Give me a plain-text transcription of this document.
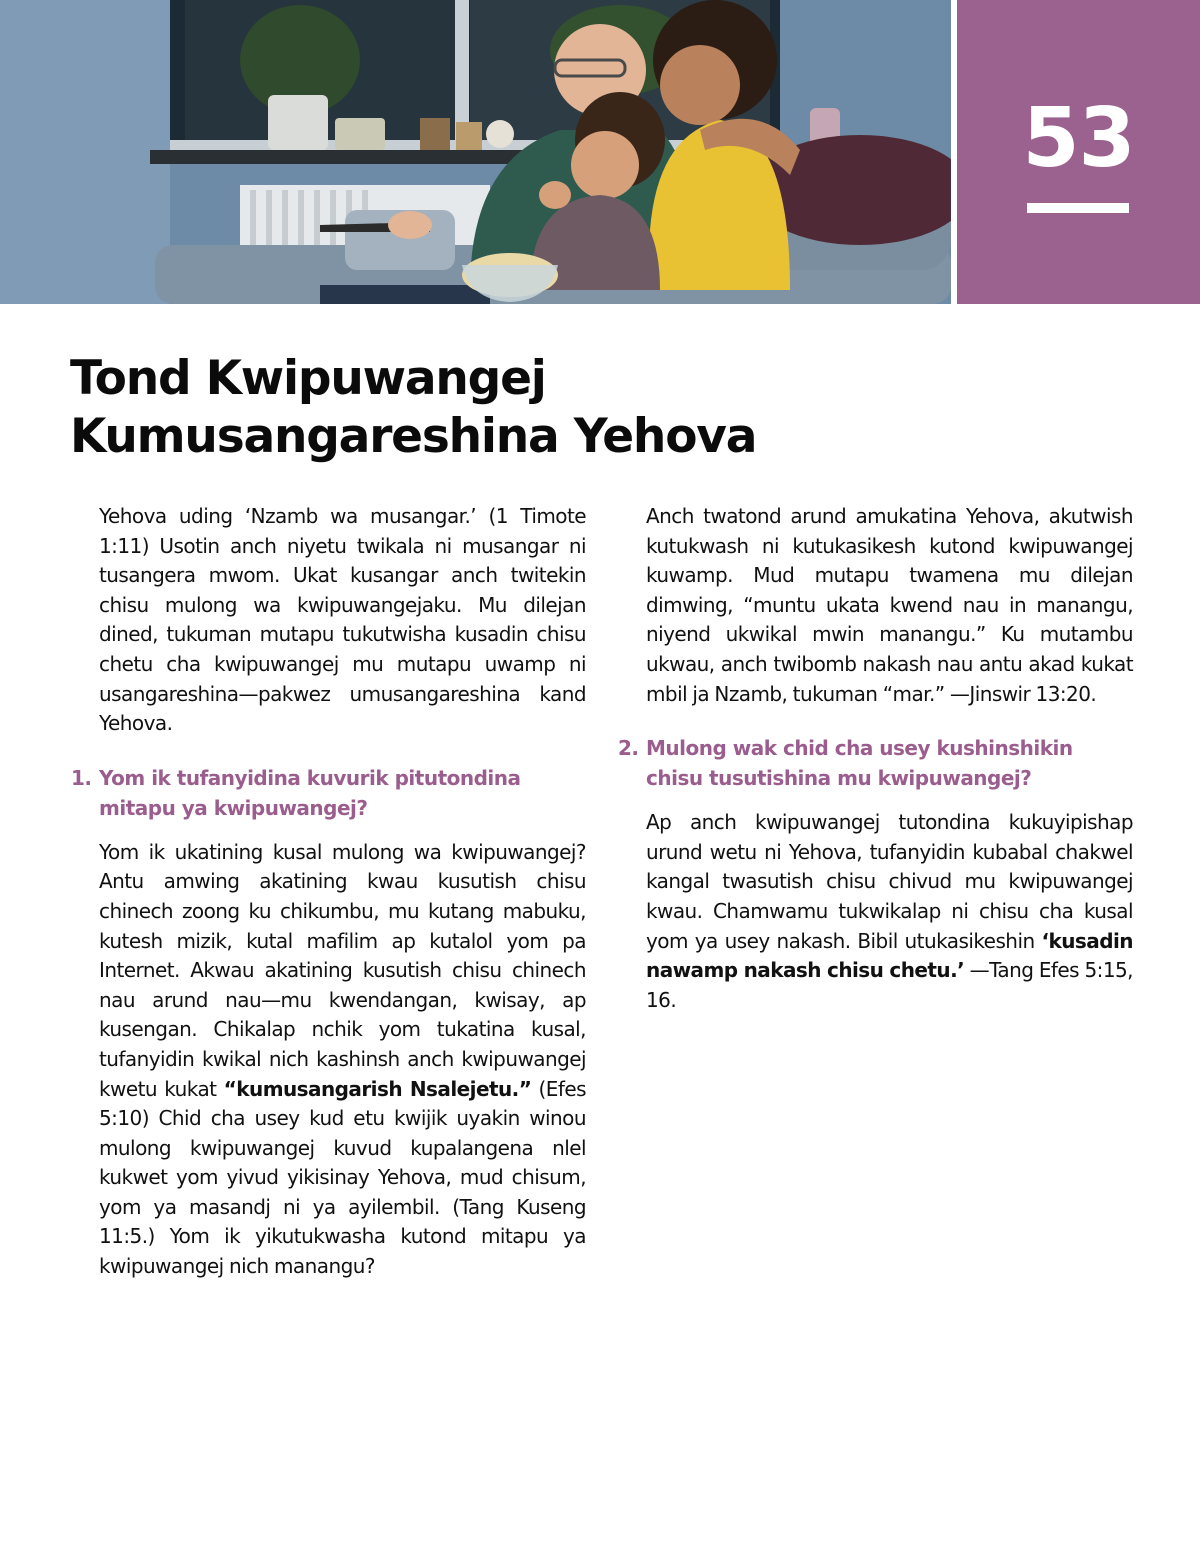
53
Tond Kwipuwangej
Kumusangareshina Yehova

Yehova uding ‘Nzamb wa musangar.’ (1 Timote 1:11) Usotin anch niyetu twikala ni musangar ni tusangera mwom. Ukat kusangar anch twitekin chisu mulong wa kwipuwangejaku. Mu dilejan dined, tukuman mutapu tukutwisha kusadin chisu chetu cha kwipuwangej mu mutapu uwamp ni usangareshina—pakwez umusangareshina kand Yehova.

1. Yom ik tufanyidina kuvurik pitutondina mitapu ya kwipuwangej?

Yom ik ukatining kusal mulong wa kwipuwangej? Antu amwing akatining kwau kusutish chisu chinech zoong ku chikumbu, mu kutang mabuku, kutesh mizik, kutal mafilim ap kutalol yom pa Internet. Akwau akatining kusutish chisu chinech nau arund nau—mu kwendangan, kwisay, ap kusengan. Chikalap nchik yom tukatina kusal, tufanyidin kwikal nich kashinsh anch kwipuwangej kwetu kukat “kumusangarish Nsalejetu.” (Efes 5:10) Chid cha usey kud etu kwijik uyakin winou mulong kwipuwangej kuvud kupalangena nlel kukwet yom yivud yikisinay Yehova, mud chisum, yom ya masandj ni ya ayilembil. (Tang Kuseng 11:5.) Yom ik yikutukwasha kutond mitapu ya kwipuwangej nich manangu?

Anch twatond arund amukatina Yehova, akutwish kutukwash ni kutukasikesh kutond kwipuwangej kuwamp. Mud mutapu twamena mu dilejan dimwing, “muntu ukata kwend nau in manangu, niyend ukwikal mwin manangu.” Ku mutambu ukwau, anch twibomb nakash nau antu akad kukat mbil ja Nzamb, tukuman “mar.” —Jinswir 13:20.

2. Mulong wak chid cha usey kushinshikin chisu tusutishina mu kwipuwangej?

Ap anch kwipuwangej tutondina kukuyipishap urund wetu ni Yehova, tufanyidin kubabal chakwel kangal twasutish chisu chivud mu kwipuwangej kwau. Chamwamu tukwikalap ni chisu cha kusal yom ya usey nakash. Bibil utukasikeshin ‘kusadin nawamp nakash chisu chetu.’ —Tang Efes 5:15, 16.
